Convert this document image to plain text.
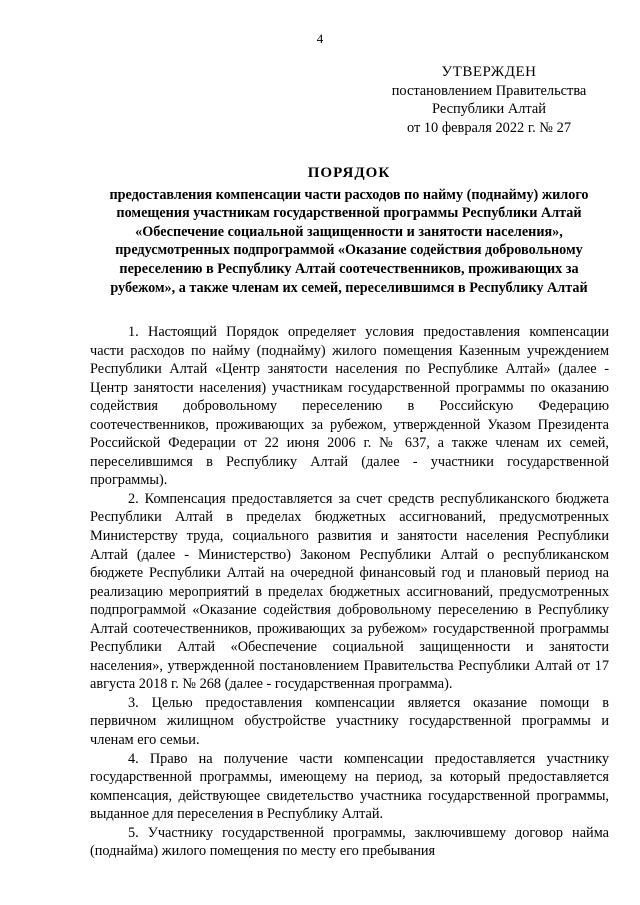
4
УТВЕРЖДЕН
постановлением Правительства
Республики Алтай
от 10 февраля 2022 г. № 27
ПОРЯДОК
предоставления компенсации части расходов по найму (поднайму) жилого помещения участникам государственной программы Республики Алтай «Обеспечение социальной защищенности и занятости населения», предусмотренных подпрограммой «Оказание содействия добровольному переселению в Республику Алтай соотечественников, проживающих за рубежом», а также членам их семей, переселившимся в Республику Алтай

1. Настоящий Порядок определяет условия предоставления компенсации части расходов по найму (поднайму) жилого помещения Казенным учреждением Республики Алтай «Центр занятости населения по Республике Алтай» (далее - Центр занятости населения) участникам государственной программы по оказанию содействия добровольному переселению в Российскую Федерацию соотечественников, проживающих за рубежом, утвержденной Указом Президента Российской Федерации от 22 июня 2006 г. № 637, а также членам их семей, переселившимся в Республику Алтай (далее - участники государственной программы).

2. Компенсация предоставляется за счет средств республиканского бюджета Республики Алтай в пределах бюджетных ассигнований, предусмотренных Министерству труда, социального развития и занятости населения Республики Алтай (далее - Министерство) Законом Республики Алтай о республиканском бюджете Республики Алтай на очередной финансовый год и плановый период на реализацию мероприятий в пределах бюджетных ассигнований, предусмотренных подпрограммой «Оказание содействия добровольному переселению в Республику Алтай соотечественников, проживающих за рубежом» государственной программы Республики Алтай «Обеспечение социальной защищенности и занятости населения», утвержденной постановлением Правительства Республики Алтай от 17 августа 2018 г. № 268 (далее - государственная программа).

3. Целью предоставления компенсации является оказание помощи в первичном жилищном обустройстве участнику государственной программы и членам его семьи.

4. Право на получение части компенсации предоставляется участнику государственной программы, имеющему на период, за который предоставляется компенсация, действующее свидетельство участника государственной программы, выданное для переселения в Республику Алтай.

5. Участнику государственной программы, заключившему договор найма (поднайма) жилого помещения по месту его пребывания
